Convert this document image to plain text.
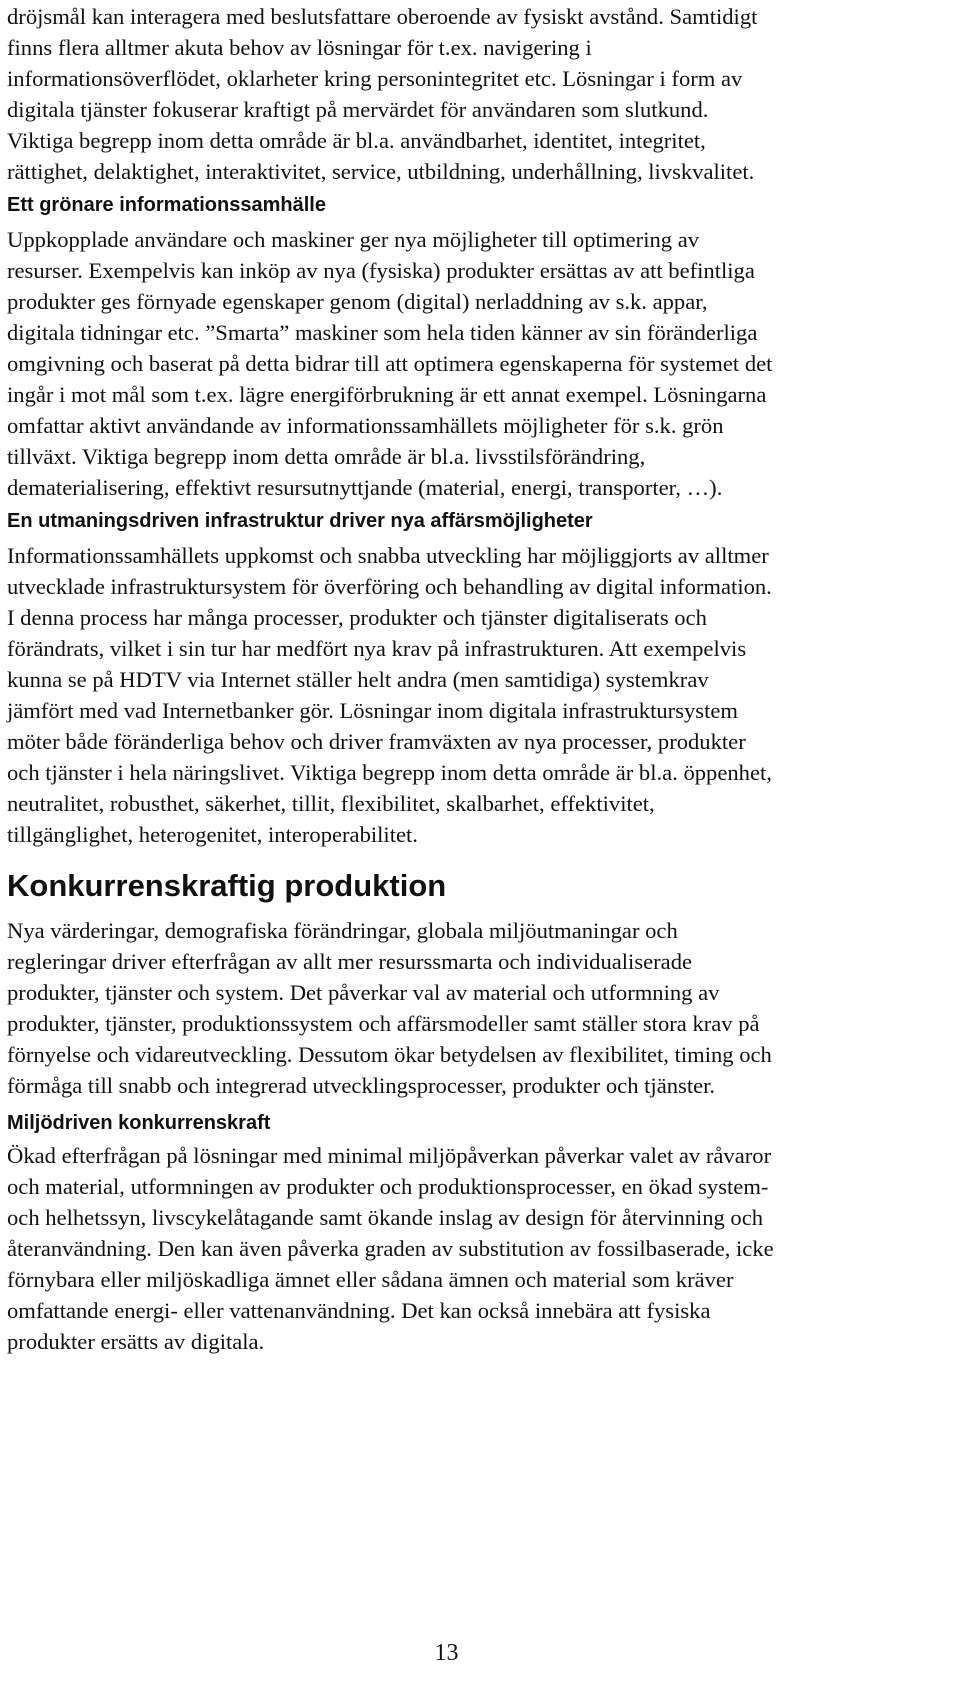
dröjsmål kan interagera med beslutsfattare oberoende av fysiskt avstånd. Samtidigt
finns flera alltmer akuta behov av lösningar för t.ex. navigering i
informationsöverflödet, oklarheter kring personintegritet etc. Lösningar i form av
digitala tjänster fokuserar kraftigt på mervärdet för användaren som slutkund.
Viktiga begrepp inom detta område är bl.a. användbarhet, identitet, integritet,
rättighet, delaktighet, interaktivitet, service, utbildning, underhållning, livskvalitet.
Ett grönare informationssamhälle
Uppkopplade användare och maskiner ger nya möjligheter till optimering av
resurser. Exempelvis kan inköp av nya (fysiska) produkter ersättas av att befintliga
produkter ges förnyade egenskaper genom (digital) nerladdning av s.k. appar,
digitala tidningar etc. ”Smarta” maskiner som hela tiden känner av sin föränderliga
omgivning och baserat på detta bidrar till att optimera egenskaperna för systemet det
ingår i mot mål som t.ex. lägre energiförbrukning är ett annat exempel. Lösningarna
omfattar aktivt användande av informationssamhällets möjligheter för s.k. grön
tillväxt. Viktiga begrepp inom detta område är bl.a. livsstilsförändring,
dematerialisering, effektivt resursutnyttjande (material, energi, transporter, …).
En utmaningsdriven infrastruktur driver nya affärsmöjligheter
Informationssamhällets uppkomst och snabba utveckling har möjliggjorts av alltmer
utvecklade infrastruktursystem för överföring och behandling av digital information.
I denna process har många processer, produkter och tjänster digitaliserats och
förändrats, vilket i sin tur har medfört nya krav på infrastrukturen. Att exempelvis
kunna se på HDTV via Internet ställer helt andra (men samtidiga) systemkrav
jämfört med vad Internetbanker gör. Lösningar inom digitala infrastruktursystem
möter både föränderliga behov och driver framväxten av nya processer, produkter
och tjänster i hela näringslivet. Viktiga begrepp inom detta område är bl.a. öppenhet,
neutralitet, robusthet, säkerhet, tillit, flexibilitet, skalbarhet, effektivitet,
tillgänglighet, heterogenitet, interoperabilitet.
Konkurrenskraftig produktion
Nya värderingar, demografiska förändringar, globala miljöutmaningar och
regleringar driver efterfrågan av allt mer resurssmarta och individualiserade
produkter, tjänster och system. Det påverkar val av material och utformning av
produkter, tjänster, produktionssystem och affärsmodeller samt ställer stora krav på
förnyelse och vidareutveckling. Dessutom ökar betydelsen av flexibilitet, timing och
förmåga till snabb och integrerad utvecklingsprocesser, produkter och tjänster.
Miljödriven konkurrenskraft
Ökad efterfrågan på lösningar med minimal miljöpåverkan påverkar valet av råvaror
och material, utformningen av produkter och produktionsprocesser, en ökad system-
och helhetssyn, livscykelåtagande samt ökande inslag av design för återvinning och
återanvändning. Den kan även påverka graden av substitution av fossilbaserade, icke
förnybara eller miljöskadliga ämnet eller sådana ämnen och material som kräver
omfattande energi- eller vattenanvändning. Det kan också innebära att fysiska
produkter ersätts av digitala.
13
